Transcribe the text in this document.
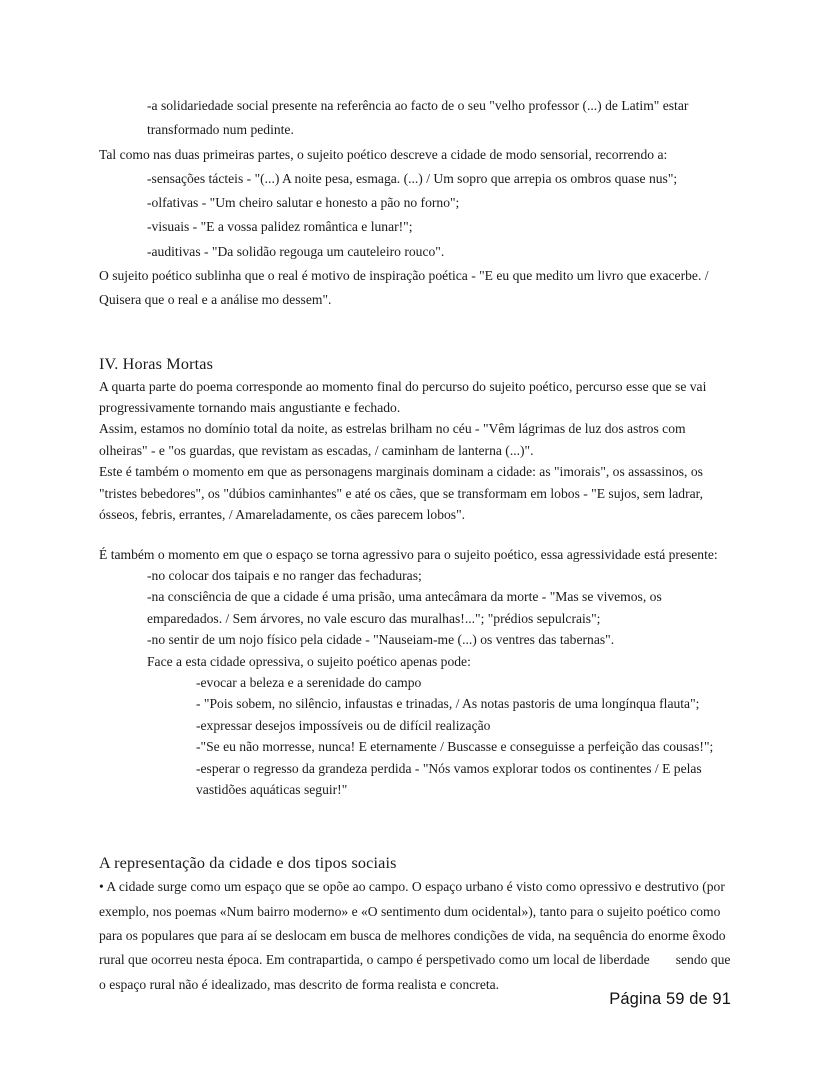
-a solidariedade social presente na referência ao facto de o seu "velho professor (...) de Latim" estar transformado num pedinte.

Tal como nas duas primeiras partes, o sujeito poético descreve a cidade de modo sensorial, recorrendo a:

-sensações tácteis - "(...) A noite pesa, esmaga. (...) / Um sopro que arrepia os ombros quase nus";

-olfativas - "Um cheiro salutar e honesto a pão no forno";

-visuais - "E a vossa palidez romântica e lunar!";

-auditivas - "Da solidão regouga um cauteleiro rouco".

O sujeito poético sublinha que o real é motivo de inspiração poética - "E eu que medito um livro que exacerbe. / Quisera que o real e a análise mo dessem".

IV. Horas Mortas

A quarta parte do poema corresponde ao momento final do percurso do sujeito poético, percurso esse que se vai progressivamente tornando mais angustiante e fechado.

Assim, estamos no domínio total da noite, as estrelas brilham no céu - "Vêm lágrimas de luz dos astros com olheiras" - e "os guardas, que revistam as escadas, / caminham de lanterna (...)".

Este é também o momento em que as personagens marginais dominam a cidade: as "imorais", os assassinos, os "tristes bebedores", os "dúbios caminhantes" e até os cães, que se transformam em lobos - "E sujos, sem ladrar, ósseos, febris, errantes, / Amareladamente, os cães parecem lobos".

É também o momento em que o espaço se torna agressivo para o sujeito poético, essa agressividade está presente:

-no colocar dos taipais e no ranger das fechaduras;

-na consciência de que a cidade é uma prisão, uma antecâmara da morte - "Mas se vivemos, os emparedados. / Sem árvores, no vale escuro das muralhas!..."; "prédios sepulcrais";

-no sentir de um nojo físico pela cidade - "Nauseiam-me (...) os ventres das tabernas".

Face a esta cidade opressiva, o sujeito poético apenas pode:

-evocar a beleza e a serenidade do campo

- "Pois sobem, no silêncio, infaustas e trinadas, / As notas pastoris de uma longínqua flauta";

-expressar desejos impossíveis ou de difícil realização

-"Se eu não morresse, nunca! E eternamente / Buscasse e conseguisse a perfeição das cousas!";

-esperar o regresso da grandeza perdida - "Nós vamos explorar todos os continentes / E pelas vastidões aquáticas seguir!"

A representação da cidade e dos tipos sociais

• A cidade surge como um espaço que se opõe ao campo. O espaço urbano é visto como opressivo e destrutivo (por exemplo, nos poemas «Num bairro moderno» e «O sentimento dum ocidental»), tanto para o sujeito poético como para os populares que para aí se deslocam em busca de melhores condições de vida, na sequência do enorme êxodo rural que ocorreu nesta época. Em contrapartida, o campo é perspetivado como um local de liberdade sendo que o espaço rural não é idealizado, mas descrito de forma realista e concreta.

Página 59 de 91
